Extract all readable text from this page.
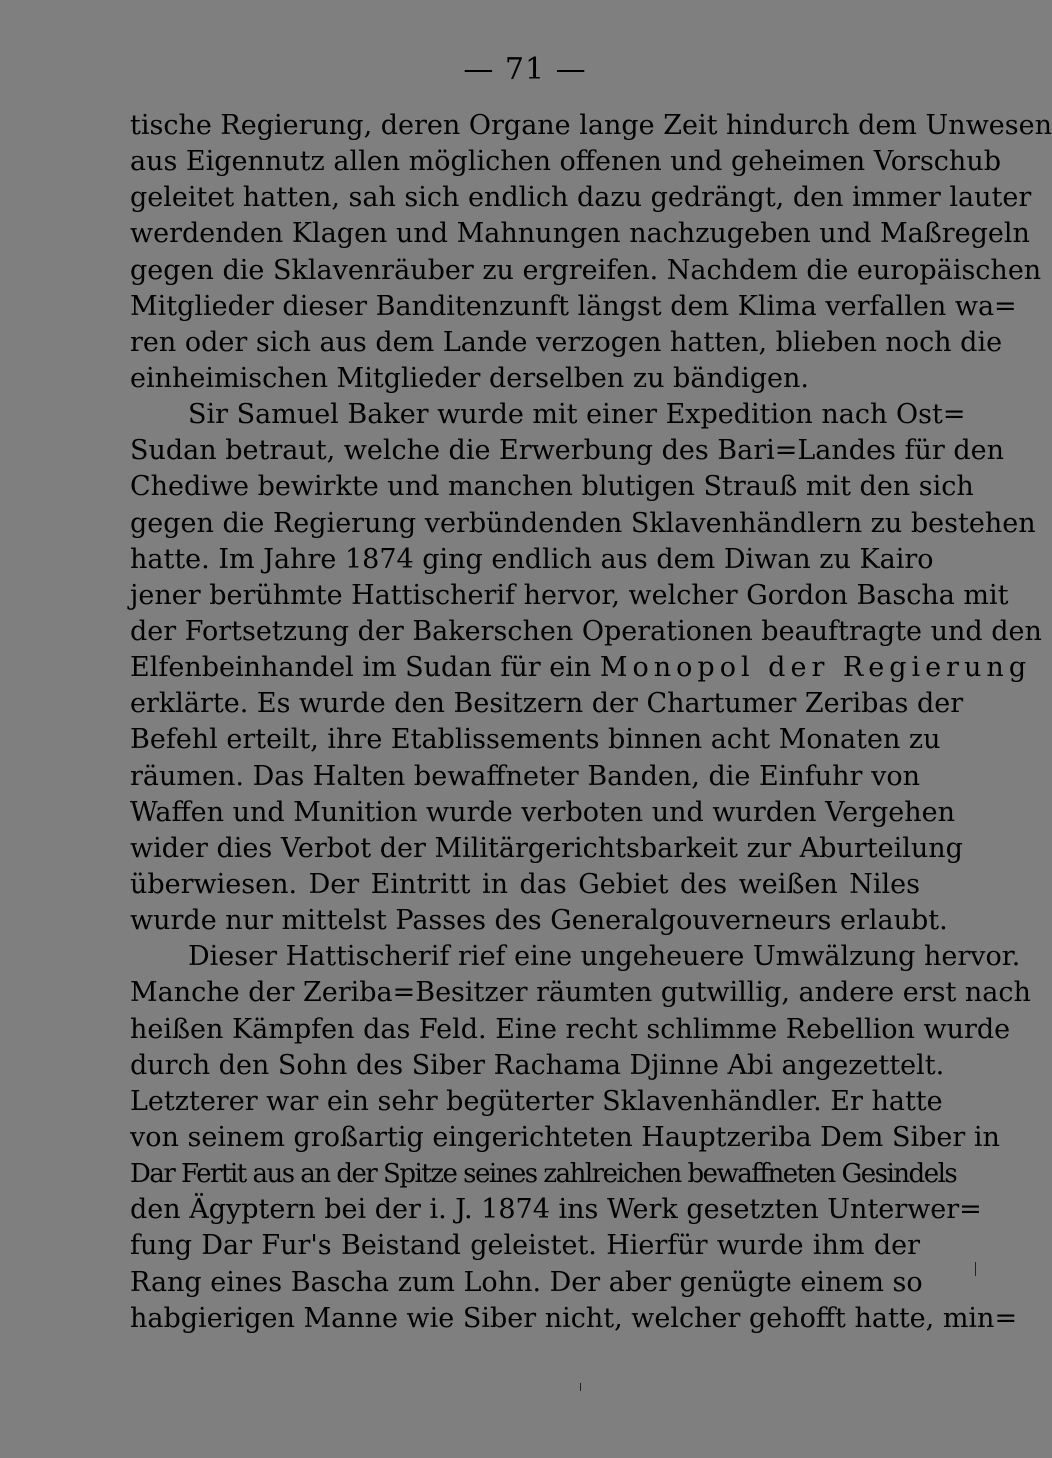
— 71 —
tische Regierung, deren Organe lange Zeit hindurch dem Unwesen
aus Eigennutz allen möglichen offenen und geheimen Vorschub
geleitet hatten, sah sich endlich dazu gedrängt, den immer lauter
werdenden Klagen und Mahnungen nachzugeben und Maßregeln
gegen die Sklavenräuber zu ergreifen. Nachdem die europäischen
Mitglieder dieser Banditenzunft längst dem Klima verfallen wa=
ren oder sich aus dem Lande verzogen hatten, blieben noch die
einheimischen Mitglieder derselben zu bändigen.
Sir Samuel Baker wurde mit einer Expedition nach Ost=
Sudan betraut, welche die Erwerbung des Bari=Landes für den
Chediwe bewirkte und manchen blutigen Strauß mit den sich
gegen die Regierung verbündenden Sklavenhändlern zu bestehen
hatte. Im Jahre 1874 ging endlich aus dem Diwan zu Kairo
jener berühmte Hattischerif hervor, welcher Gordon Bascha mit
der Fortsetzung der Bakerschen Operationen beauftragte und den
Elfenbeinhandel im Sudan für ein Monopol der Regierung
erklärte. Es wurde den Besitzern der Chartumer Zeribas der
Befehl erteilt, ihre Etablissements binnen acht Monaten zu
räumen. Das Halten bewaffneter Banden, die Einfuhr von
Waffen und Munition wurde verboten und wurden Vergehen
wider dies Verbot der Militärgerichtsbarkeit zur Aburteilung
überwiesen. Der Eintritt in das Gebiet des weißen Niles
wurde nur mittelst Passes des Generalgouverneurs erlaubt.
Dieser Hattischerif rief eine ungeheuere Umwälzung hervor.
Manche der Zeriba=Besitzer räumten gutwillig, andere erst nach
heißen Kämpfen das Feld. Eine recht schlimme Rebellion wurde
durch den Sohn des Siber Rachama Djinne Abi angezettelt.
Letzterer war ein sehr begüterter Sklavenhändler. Er hatte
von seinem großartig eingerichteten Hauptzeriba Dem Siber in
Dar Fertit aus an der Spitze seines zahlreichen bewaffneten Gesindels
den Ägyptern bei der i. J. 1874 ins Werk gesetzten Unterwer=
fung Dar Fur's Beistand geleistet. Hierfür wurde ihm der
Rang eines Bascha zum Lohn. Der aber genügte einem so
habgierigen Manne wie Siber nicht, welcher gehofft hatte, min=
